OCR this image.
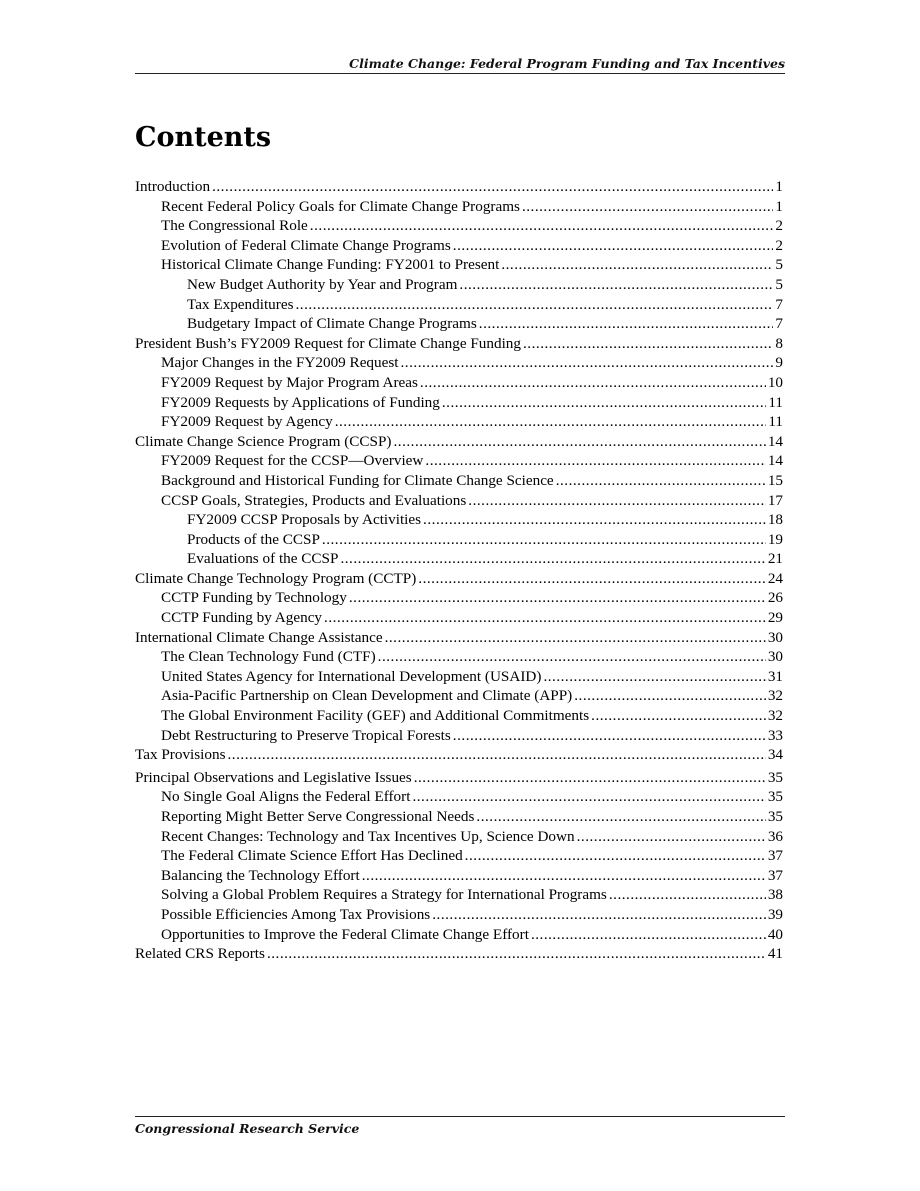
Climate Change: Federal Program Funding and Tax Incentives
Contents
Introduction .....	1
Recent Federal Policy Goals for Climate Change Programs .....	1
The Congressional Role .....	2
Evolution of Federal Climate Change Programs .....	2
Historical Climate Change Funding: FY2001 to Present .....	5
New Budget Authority by Year and Program .....	5
Tax Expenditures .....	7
Budgetary Impact of Climate Change Programs .....	7
President Bush’s FY2009 Request for Climate Change Funding .....	8
Major Changes in the FY2009 Request .....	9
FY2009 Request by Major Program Areas .....	10
FY2009 Requests by Applications of Funding .....	11
FY2009 Request by Agency .....	11
Climate Change Science Program (CCSP) .....	14
FY2009 Request for the CCSP—Overview .....	14
Background and Historical Funding for Climate Change Science .....	15
CCSP Goals, Strategies, Products and Evaluations .....	17
FY2009 CCSP Proposals by Activities .....	18
Products of the CCSP .....	19
Evaluations of the CCSP .....	21
Climate Change Technology Program (CCTP) .....	24
CCTP Funding by Technology .....	26
CCTP Funding by Agency .....	29
International Climate Change Assistance .....	30
The Clean Technology Fund (CTF) .....	30
United States Agency for International Development (USAID) .....	31
Asia-Pacific Partnership on Clean Development and Climate (APP) .....	32
The Global Environment Facility (GEF) and Additional Commitments .....	32
Debt Restructuring to Preserve Tropical Forests .....	33
Tax Provisions .....	34
Principal Observations and Legislative Issues .....	35
No Single Goal Aligns the Federal Effort .....	35
Reporting Might Better Serve Congressional Needs .....	35
Recent Changes: Technology and Tax Incentives Up, Science Down .....	36
The Federal Climate Science Effort Has Declined .....	37
Balancing the Technology Effort .....	37
Solving a Global Problem Requires a Strategy for International Programs .....	38
Possible Efficiencies Among Tax Provisions .....	39
Opportunities to Improve the Federal Climate Change Effort .....	40
Related CRS Reports .....	41
Congressional Research Service
